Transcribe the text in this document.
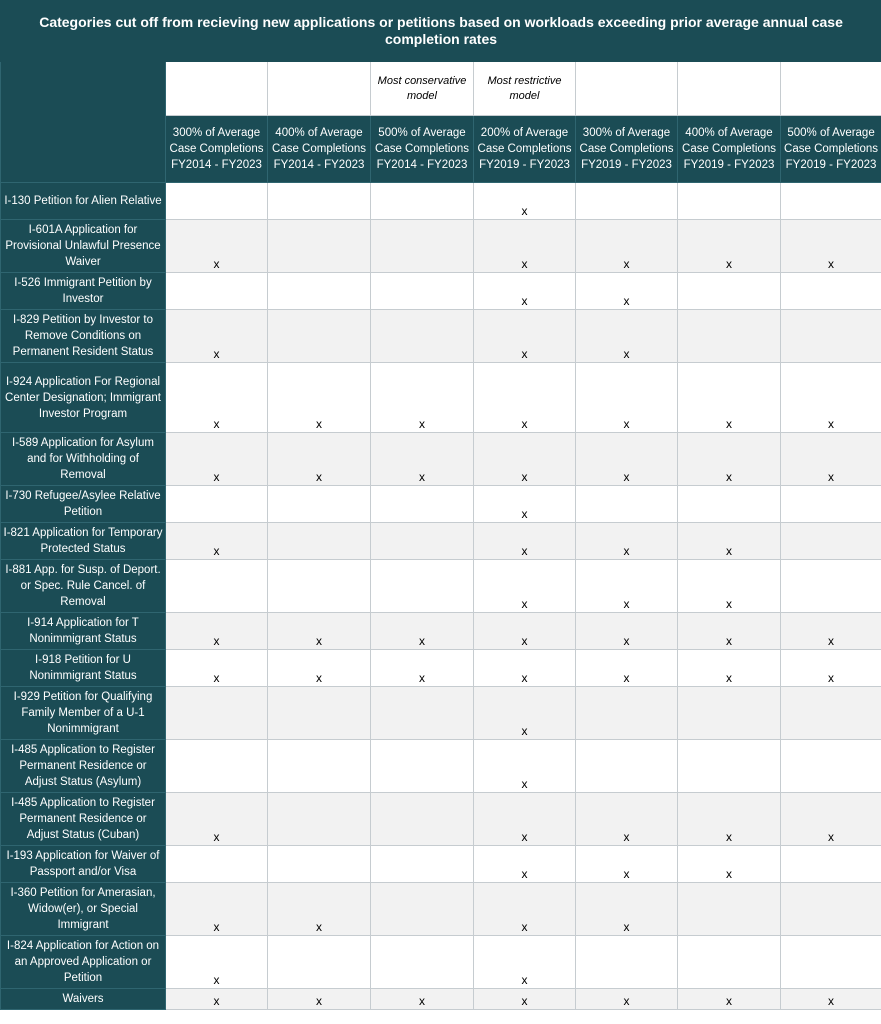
Categories cut off from recieving new applications or petitions based on workloads exceeding prior average annual case completion rates							
			Most conservative model	Most restrictive model			
	300% of Average Case Completions FY2014 - FY2023	400% of Average Case Completions FY2014 - FY2023	500% of Average Case Completions FY2014 - FY2023	200% of Average Case Completions FY2019 - FY2023	300% of Average Case Completions FY2019 - FY2023	400% of Average Case Completions FY2019 - FY2023	500% of Average Case Completions FY2019 - FY2023
I-130 Petition for Alien Relative				x			
I-601A Application for Provisional Unlawful Presence Waiver	x			x	x	x	x
I-526 Immigrant Petition by Investor				x	x		
I-829 Petition by Investor to Remove Conditions on Permanent Resident Status	x			x	x		
I-924 Application For Regional Center Designation; Immigrant Investor Program	x	x	x	x	x	x	x
I-589 Application for Asylum and for Withholding of Removal	x	x	x	x	x	x	x
I-730 Refugee/Asylee Relative Petition				x			
I-821 Application for Temporary Protected Status	x			x	x	x	
I-881 App. for Susp. of Deport. or Spec. Rule Cancel. of Removal				x	x	x	
I-914 Application for T Nonimmigrant Status	x	x	x	x	x	x	x
I-918 Petition for U Nonimmigrant Status	x	x	x	x	x	x	x
I-929 Petition for Qualifying Family Member of a U-1 Nonimmigrant				x			
I-485 Application to Register Permanent Residence or Adjust Status (Asylum)				x			
I-485 Application to Register Permanent Residence or Adjust Status (Cuban)	x			x	x	x	x
I-193 Application for Waiver of Passport and/or Visa				x	x	x	
I-360 Petition for Amerasian, Widow(er), or Special Immigrant	x	x		x	x		
I-824 Application for Action on an Approved Application or Petition	x			x			
Waivers	x	x	x	x	x	x	x
